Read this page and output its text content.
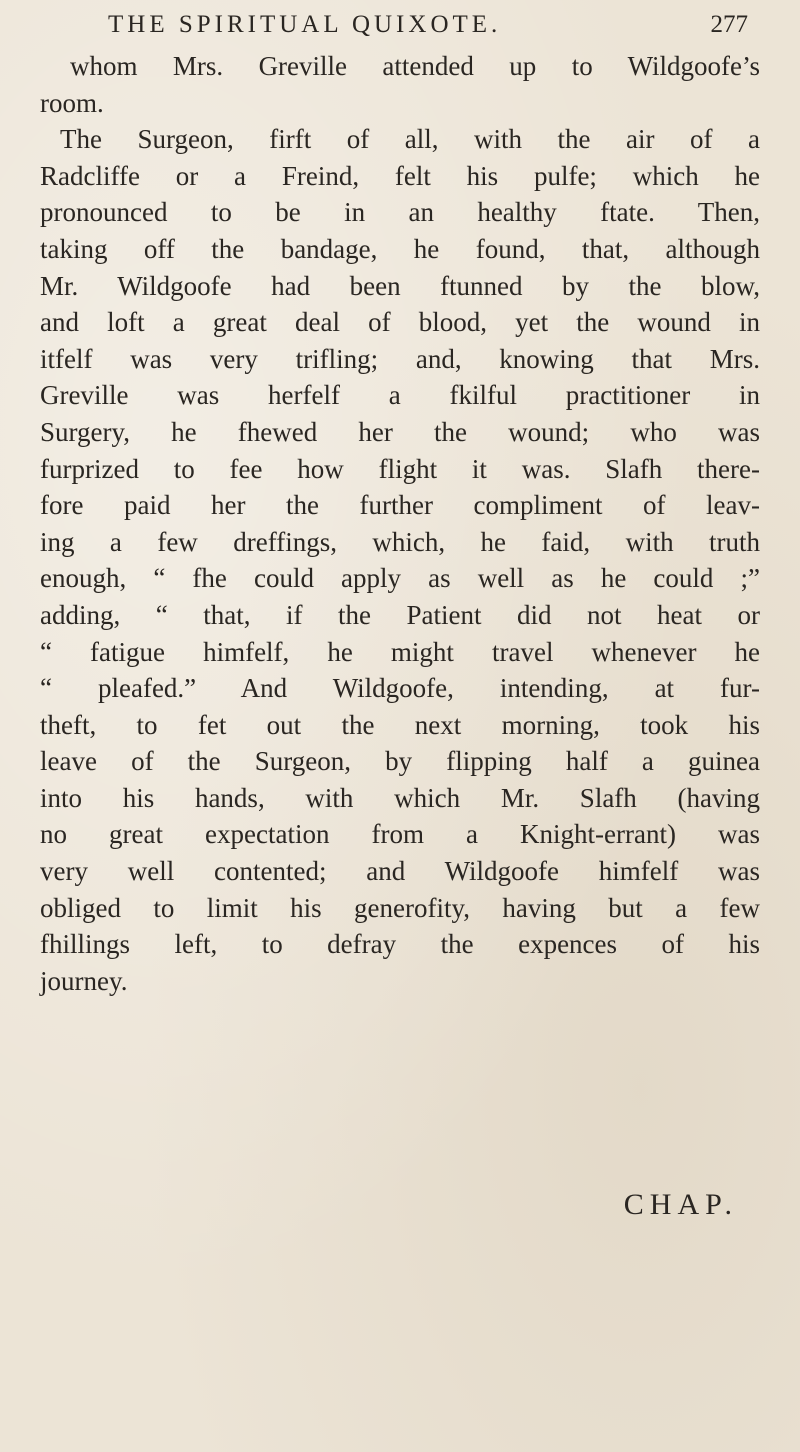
THE SPIRITUAL QUIXOTE.	277
whom Mrs. Greville attended up to Wildgoofe’s
room.
The Surgeon, firft of all, with the air of a
Radcliffe or a Freind, felt his pulfe; which he
pronounced to be in an healthy ftate. Then,
taking off the bandage, he found, that, although
Mr. Wildgoofe had been ftunned by the blow,
and loft a great deal of blood, yet the wound in
itfelf was very trifling; and, knowing that Mrs.
Greville was herfelf a fkilful practitioner in
Surgery, he fhewed her the wound; who was
furprized to fee how flight it was. Slafh there-
fore paid her the further compliment of leav-
ing a few dreffings, which, he faid, with truth
enough, “ fhe could apply as well as he could ;”
adding, “ that, if the Patient did not heat or
“ fatigue himfelf, he might travel whenever he
“ pleafed.” And Wildgoofe, intending, at fur-
theft, to fet out the next morning, took his
leave of the Surgeon, by flipping half a guinea
into his hands, with which Mr. Slafh (having
no great expectation from a Knight-errant) was
very well contented; and Wildgoofe himfelf was
obliged to limit his generofity, having but a few
fhillings left, to defray the expences of his
journey.
CHAP.
